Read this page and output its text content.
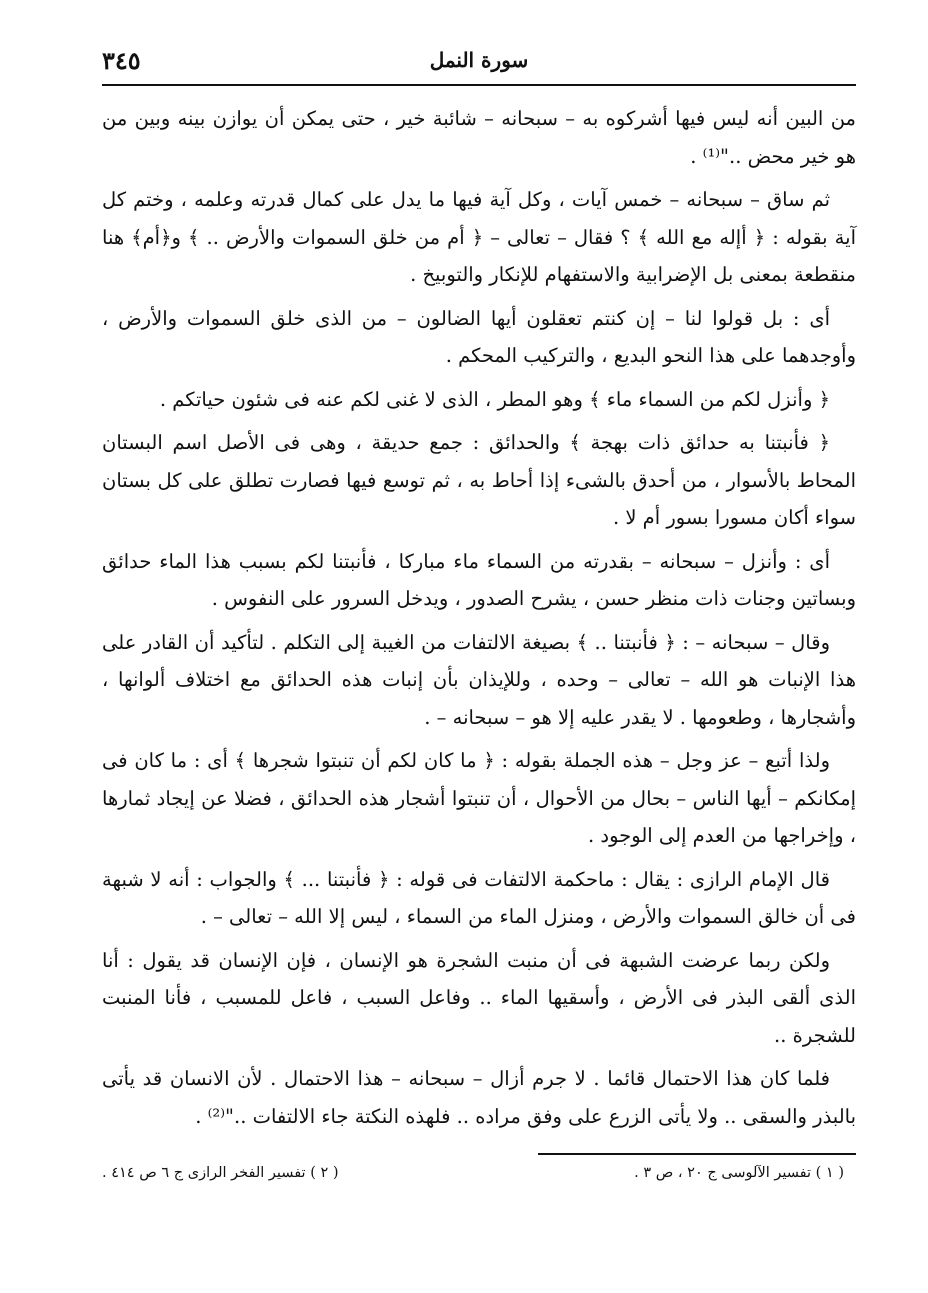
سورة النمل
٣٤٥

من البين أنه ليس فيها أشركوه به – سبحانه – شائبة خير ، حتى يمكن أن يوازن بينه وبين من هو خير محض .."⁽¹⁾ .

ثم ساق – سبحانه – خمس آيات ، وكل آية فيها ما يدل على كمال قدرته وعلمه ، وختم كل آية بقوله : ﴿ أإله مع الله ﴾ ؟ فقال – تعالى – ﴿ أم من خلق السموات والأرض .. ﴾ و﴿أم﴾ هنا منقطعة بمعنى بل الإضرابية والاستفهام للإنكار والتوبيخ .

أى : بل قولوا لنا – إن كنتم تعقلون أيها الضالون – من الذى خلق السموات والأرض ، وأوجدهما على هذا النحو البديع ، والتركيب المحكم .

﴿ وأنزل لكم من السماء ماء ﴾ وهو المطر ، الذى لا غنى لكم عنه فى شئون حياتكم .

﴿ فأنبتنا به حدائق ذات بهجة ﴾ والحدائق : جمع حديقة ، وهى فى الأصل اسم البستان المحاط بالأسوار ، من أحدق بالشىء إذا أحاط به ، ثم توسع فيها فصارت تطلق على كل بستان سواء أكان مسورا بسور أم لا .

أى : وأنزل – سبحانه – بقدرته من السماء ماء مباركا ، فأنبتنا لكم بسبب هذا الماء حدائق وبساتين وجنات ذات منظر حسن ، يشرح الصدور ، ويدخل السرور على النفوس .

وقال – سبحانه – : ﴿ فأنبتنا .. ﴾ بصيغة الالتفات من الغيبة إلى التكلم . لتأكيد أن القادر على هذا الإنبات هو الله – تعالى – وحده ، وللإيذان بأن إنبات هذه الحدائق مع اختلاف ألوانها ، وأشجارها ، وطعومها . لا يقدر عليه إلا هو – سبحانه – .

ولذا أتبع – عز وجل – هذه الجملة بقوله : ﴿ ما كان لكم أن تنبتوا شجرها ﴾ أى : ما كان فى إمكانكم – أيها الناس – بحال من الأحوال ، أن تنبتوا أشجار هذه الحدائق ، فضلا عن إيجاد ثمارها ، وإخراجها من العدم إلى الوجود .

قال الإمام الرازى : يقال : ماحكمة الالتفات فى قوله : ﴿ فأنبتنا ... ﴾ والجواب : أنه لا شبهة فى أن خالق السموات والأرض ، ومنزل الماء من السماء ، ليس إلا الله – تعالى – .

ولكن ربما عرضت الشبهة فى أن منبت الشجرة هو الإنسان ، فإن الإنسان قد يقول : أنا الذى ألقى البذر فى الأرض ، وأسقيها الماء .. وفاعل السبب ، فاعل للمسبب ، فأنا المنبت للشجرة ..

فلما كان هذا الاحتمال قائما . لا جرم أزال – سبحانه – هذا الاحتمال . لأن الانسان قد يأتى بالبذر والسقى .. ولا يأتى الزرع على وفق مراده .. فلهذه النكتة جاء الالتفات .."⁽²⁾ .

( ١ ) تفسير الآلوسى ج ٢٠ ، ص ٣ .
( ٢ ) تفسير الفخر الرازى ج ٦ ص ٤١٤ .
